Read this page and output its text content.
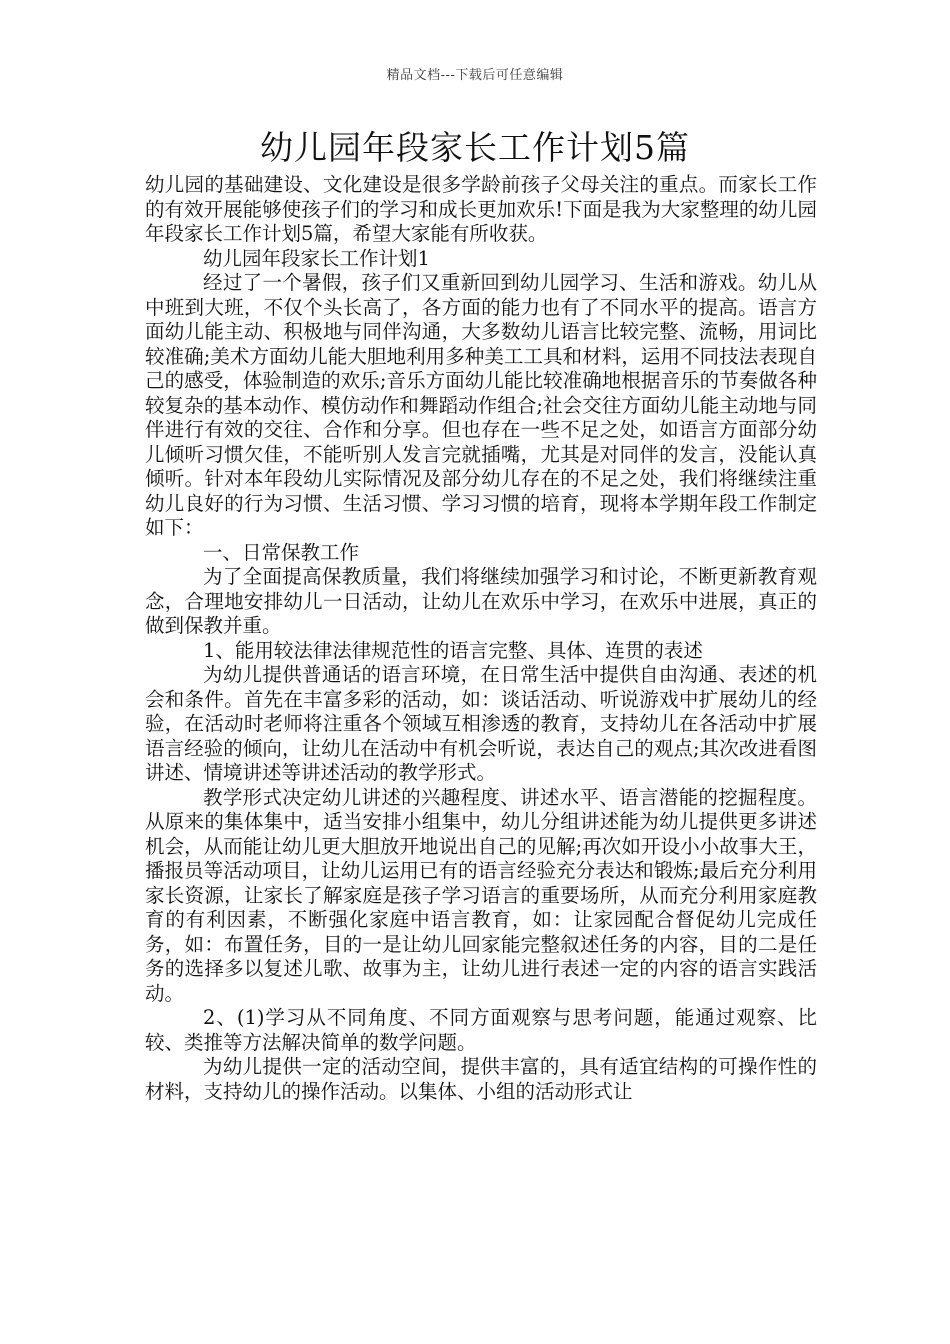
精品文档---下载后可任意编辑
幼儿园年段家长工作计划5篇

幼儿园的基础建设、文化建设是很多学龄前孩子父母关注的重点。而家长工作的有效开展能够使孩子们的学习和成长更加欢乐!下面是我为大家整理的幼儿园年段家长工作计划5篇，希望大家能有所收获。

幼儿园年段家长工作计划1

经过了一个暑假，孩子们又重新回到幼儿园学习、生活和游戏。幼儿从中班到大班，不仅个头长高了，各方面的能力也有了不同水平的提高。语言方面幼儿能主动、积极地与同伴沟通，大多数幼儿语言比较完整、流畅，用词比较准确;美术方面幼儿能大胆地利用多种美工工具和材料，运用不同技法表现自己的感受，体验制造的欢乐;音乐方面幼儿能比较准确地根据音乐的节奏做各种较复杂的基本动作、模仿动作和舞蹈动作组合;社会交往方面幼儿能主动地与同伴进行有效的交往、合作和分享。但也存在一些不足之处，如语言方面部分幼儿倾听习惯欠佳，不能听别人发言完就插嘴，尤其是对同伴的发言，没能认真倾听。针对本年段幼儿实际情况及部分幼儿存在的不足之处，我们将继续注重幼儿良好的行为习惯、生活习惯、学习习惯的培育，现将本学期年段工作制定如下：

一、日常保教工作

为了全面提高保教质量，我们将继续加强学习和讨论，不断更新教育观念，合理地安排幼儿一日活动，让幼儿在欢乐中学习，在欢乐中进展，真正的做到保教并重。

1、能用较法律法律规范性的语言完整、具体、连贯的表述

为幼儿提供普通话的语言环境，在日常生活中提供自由沟通、表述的机会和条件。首先在丰富多彩的活动，如：谈话活动、听说游戏中扩展幼儿的经验，在活动时老师将注重各个领域互相渗透的教育，支持幼儿在各活动中扩展语言经验的倾向，让幼儿在活动中有机会听说，表达自己的观点;其次改进看图讲述、情境讲述等讲述活动的教学形式。

教学形式决定幼儿讲述的兴趣程度、讲述水平、语言潜能的挖掘程度。从原来的集体集中，适当安排小组集中，幼儿分组讲述能为幼儿提供更多讲述机会，从而能让幼儿更大胆放开地说出自己的见解;再次如开设小小故事大王，播报员等活动项目，让幼儿运用已有的语言经验充分表达和锻炼;最后充分利用家长资源，让家长了解家庭是孩子学习语言的重要场所，从而充分利用家庭教育的有利因素，不断强化家庭中语言教育，如：让家园配合督促幼儿完成任务，如：布置任务，目的一是让幼儿回家能完整叙述任务的内容，目的二是任务的选择多以复述儿歌、故事为主，让幼儿进行表述一定的内容的语言实践活动。

2、(1)学习从不同角度、不同方面观察与思考问题，能通过观察、比较、类推等方法解决简单的数学问题。

为幼儿提供一定的活动空间，提供丰富的，具有适宜结构的可操作性的材料，支持幼儿的操作活动。以集体、小组的活动形式让
